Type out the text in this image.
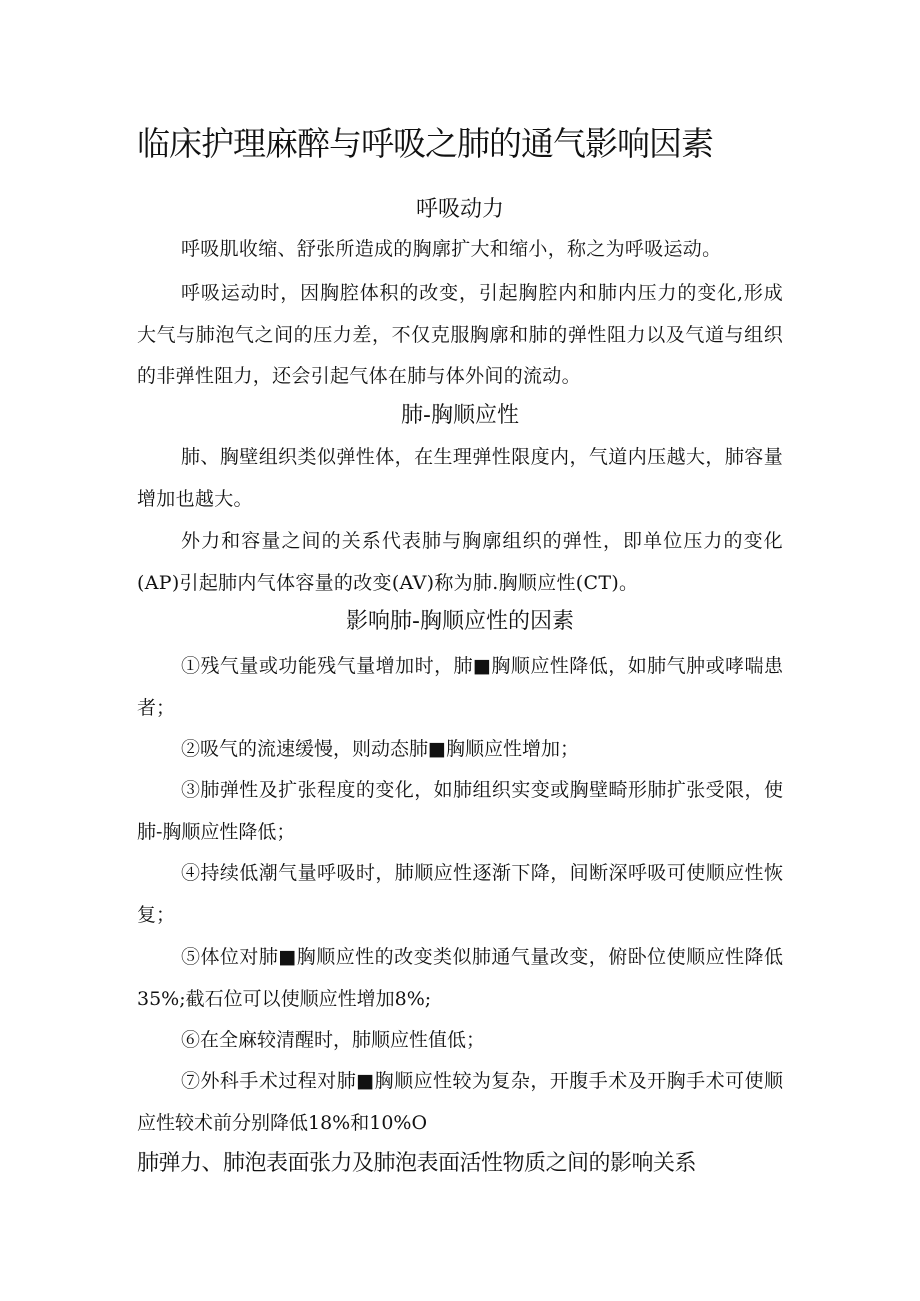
临床护理麻醉与呼吸之肺的通气影响因素
呼吸动力

呼吸肌收缩、舒张所造成的胸廓扩大和缩小，称之为呼吸运动。

呼吸运动时，因胸腔体积的改变，引起胸腔内和肺内压力的变化,形成大气与肺泡气之间的压力差，不仅克服胸廓和肺的弹性阻力以及气道与组织的非弹性阻力，还会引起气体在肺与体外间的流动。

肺-胸顺应性

肺、胸壁组织类似弹性体，在生理弹性限度内，气道内压越大，肺容量增加也越大。

外力和容量之间的关系代表肺与胸廓组织的弹性，即单位压力的变化(AP)引起肺内气体容量的改变(AV)称为肺.胸顺应性(CT)。

影响肺-胸顺应性的因素

①残气量或功能残气量增加时，肺■胸顺应性降低，如肺气肿或哮喘患者；

②吸气的流速缓慢，则动态肺■胸顺应性增加；

③肺弹性及扩张程度的变化，如肺组织实变或胸壁畸形肺扩张受限，使肺-胸顺应性降低；

④持续低潮气量呼吸时，肺顺应性逐渐下降，间断深呼吸可使顺应性恢复；

⑤体位对肺■胸顺应性的改变类似肺通气量改变，俯卧位使顺应性降低35%;截石位可以使顺应性增加8%;

⑥在全麻较清醒时，肺顺应性值低；

⑦外科手术过程对肺■胸顺应性较为复杂，开腹手术及开胸手术可使顺应性较术前分别降低18%和10%O

肺弹力、肺泡表面张力及肺泡表面活性物质之间的影响关系
